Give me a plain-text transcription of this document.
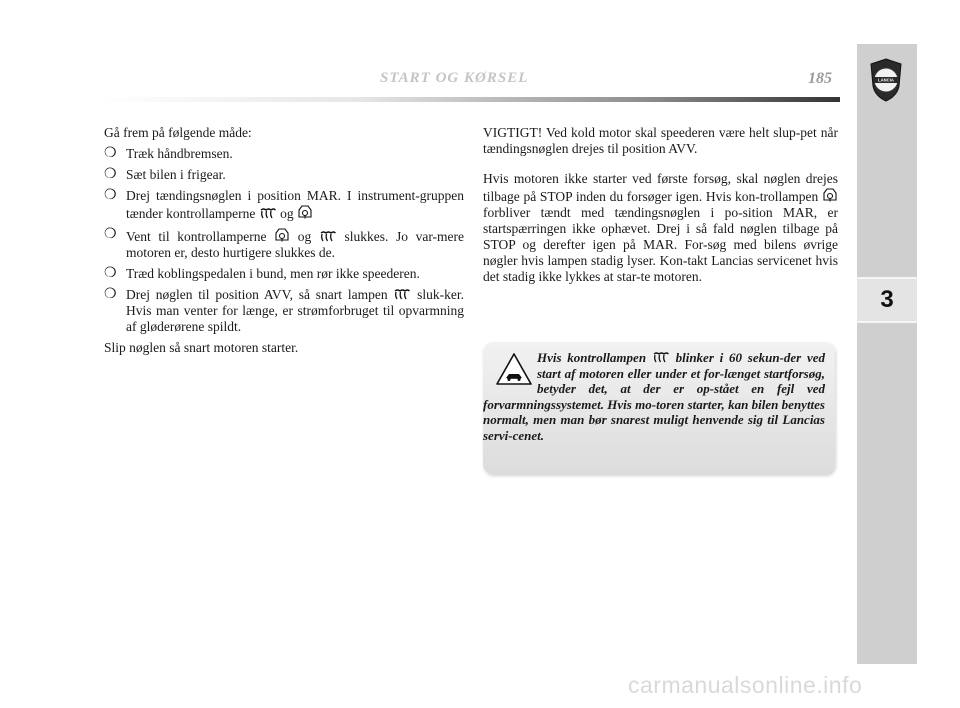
START OG KØRSEL	185	LANCIA
3

Gå frem på følgende måde:

❍ Træk håndbremsen.
❍ Sæt bilen i frigear.
❍ Drej tændingsnøglen i position MAR. I instrument-gruppen tænder kontrollamperne og
❍ Vent til kontrollamperne og slukkes. Jo var-mere motoren er, desto hurtigere slukkes de.
❍ Træd koblingspedalen i bund, men rør ikke speederen.
❍ Drej nøglen til position AVV, så snart lampen sluk-ker. Hvis man venter for længe, er strømforbruget til opvarmning af gløderørene spildt.

Slip nøglen så snart motoren starter.

VIGTIGT! Ved kold motor skal speederen være helt slup-pet når tændingsnøglen drejes til position AVV.

Hvis motoren ikke starter ved første forsøg, skal nøglen drejes tilbage på STOP inden du forsøger igen. Hvis kon-trollampen  forbliver tændt med tændingsnøglen i po-sition MAR, er startspærringen ikke ophævet. Drej i så fald nøglen tilbage på STOP og derefter igen på MAR. For-søg med bilens øvrige nøgler hvis lampen stadig lyser. Kon-takt Lancias servicenet hvis det stadig ikke lykkes at star-te motoren.

Hvis kontrollampen blinker i 60 sekun-der ved start af motoren eller under et for-længet startforsøg, betyder det, at der er op-stået en fejl ved forvarmningssystemet. Hvis mo-toren starter, kan bilen benyttes normalt, men man bør snarest muligt henvende sig til Lancias servi-cenet.
carmanualsonline.info
